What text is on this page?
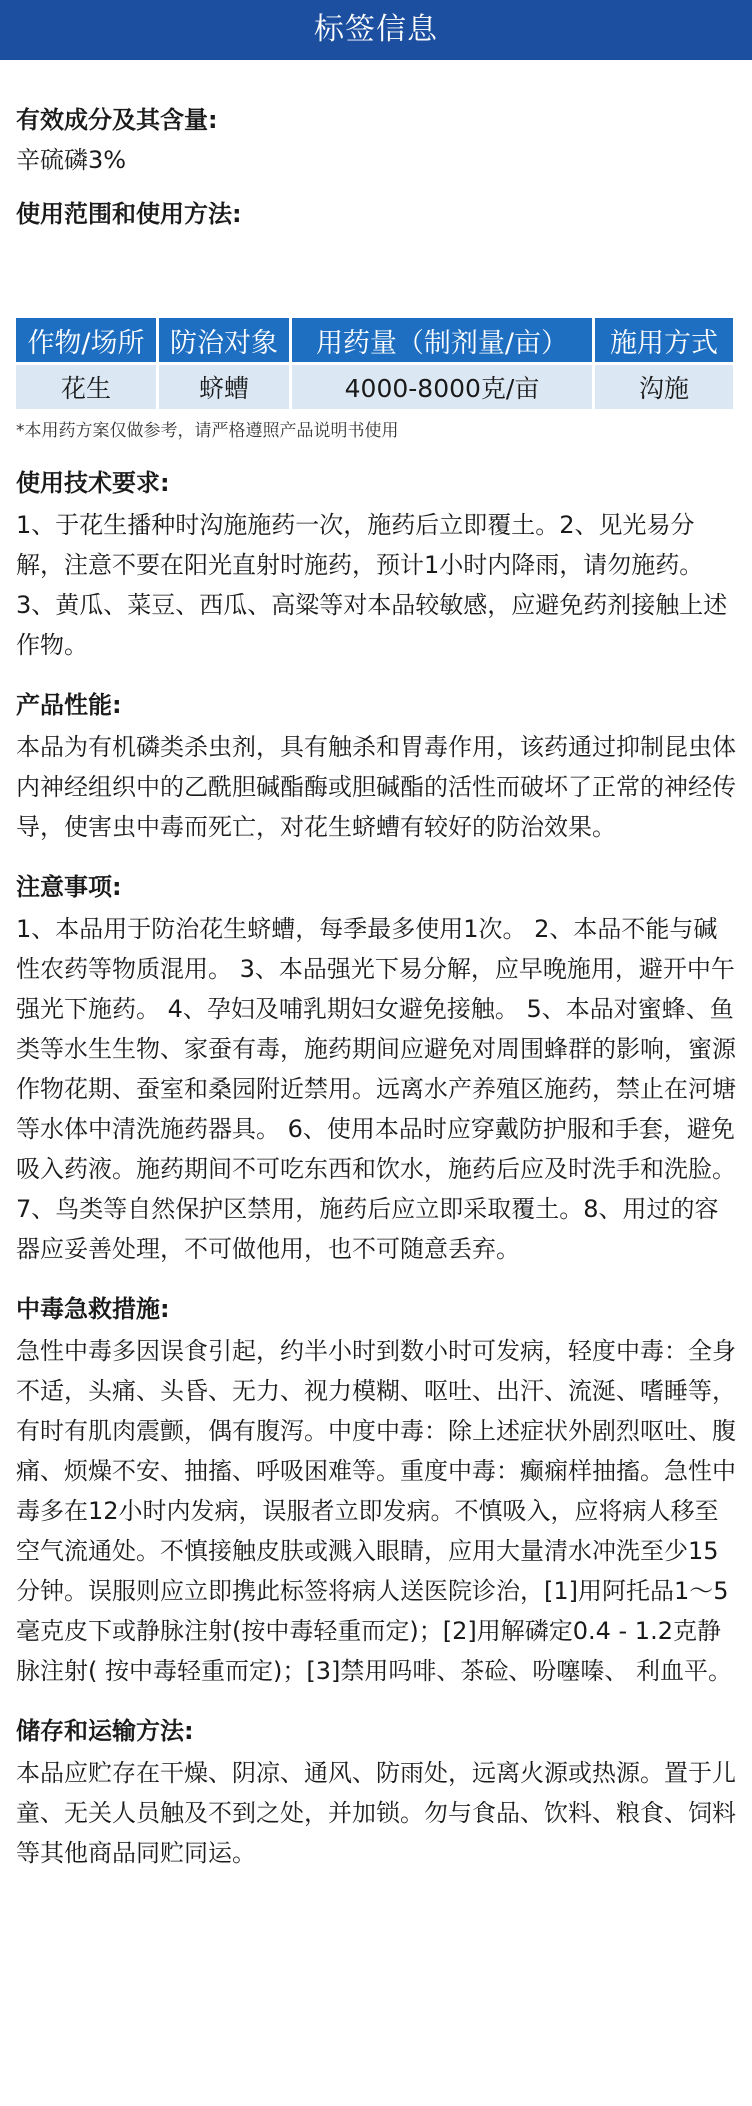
标签信息

有效成分及其含量:

辛硫磷3%

使用范围和使用方法:

作物/场所	防治对象	用药量（制剂量/亩）	施用方式
花生	蛴螬	4000-8000克/亩	沟施

*本用药方案仅做参考，请严格遵照产品说明书使用

使用技术要求:

1、于花生播种时沟施施药一次，施药后立即覆土。2、见光易分解，注意不要在阳光直射时施药，预计1小时内降雨，请勿施药。3、黄瓜、菜豆、西瓜、高粱等对本品较敏感，应避免药剂接触上述作物。

产品性能:

本品为有机磷类杀虫剂，具有触杀和胃毒作用，该药通过抑制昆虫体内神经组织中的乙酰胆碱酯酶或胆碱酯的活性而破坏了正常的神经传导，使害虫中毒而死亡，对花生蛴螬有较好的防治效果。

注意事项:

1、本品用于防治花生蛴螬，每季最多使用1次。 2、本品不能与碱性农药等物质混用。 3、本品强光下易分解，应早晚施用，避开中午强光下施药。 4、孕妇及哺乳期妇女避免接触。 5、本品对蜜蜂、鱼类等水生生物、家蚕有毒，施药期间应避免对周围蜂群的影响，蜜源作物花期、蚕室和桑园附近禁用。远离水产养殖区施药，禁止在河塘等水体中清洗施药器具。 6、使用本品时应穿戴防护服和手套，避免吸入药液。施药期间不可吃东西和饮水，施药后应及时洗手和洗脸。7、鸟类等自然保护区禁用，施药后应立即采取覆土。8、用过的容器应妥善处理，不可做他用，也不可随意丢弃。

中毒急救措施:

急性中毒多因误食引起，约半小时到数小时可发病，轻度中毒：全身不适，头痛、头昏、无力、视力模糊、呕吐、出汗、流涎、嗜睡等，有时有肌肉震颤，偶有腹泻。中度中毒：除上述症状外剧烈呕吐、腹痛、烦燥不安、抽搐、呼吸困难等。重度中毒：癫痫样抽搐。急性中毒多在12小时内发病，误服者立即发病。不慎吸入，应将病人移至空气流通处。不慎接触皮肤或溅入眼睛，应用大量清水冲洗至少15分钟。误服则应立即携此标签将病人送医院诊治，[1]用阿托品1～5毫克皮下或静脉注射(按中毒轻重而定)；[2]用解磷定0.4 - 1.2克静脉注射( 按中毒轻重而定)；[3]禁用吗啡、茶硷、吩噻嗪、 利血平。

储存和运输方法:

本品应贮存在干燥、阴凉、通风、防雨处，远离火源或热源。置于儿童、无关人员触及不到之处，并加锁。勿与食品、饮料、粮食、饲料等其他商品同贮同运。
